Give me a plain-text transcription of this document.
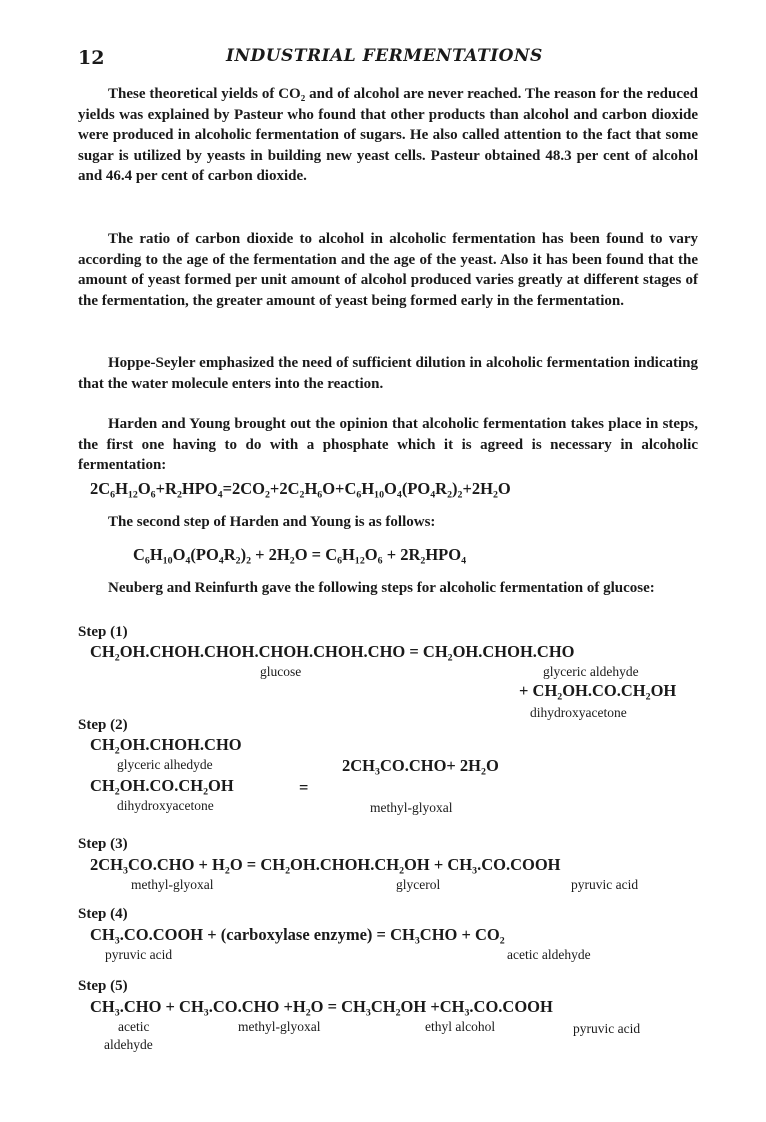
12	INDUSTRIAL FERMENTATIONS
These theoretical yields of CO₂ and of alcohol are never reached. The reason for the reduced yields was explained by Pasteur who found that other products than alcohol and carbon dioxide were produced in alcoholic fermentation of sugars. He also called attention to the fact that some sugar is utilized by yeasts in building new yeast cells. Pasteur obtained 48.3 per cent of alcohol and 46.4 per cent of carbon dioxide.
The ratio of carbon dioxide to alcohol in alcoholic fermentation has been found to vary according to the age of the fermentation and the age of the yeast. Also it has been found that the amount of yeast formed per unit amount of alcohol produced varies greatly at different stages of the fermentation, the greater amount of yeast being formed early in the fermentation.
Hoppe-Seyler emphasized the need of sufficient dilution in alcoholic fermentation indicating that the water molecule enters into the reaction.
Harden and Young brought out the opinion that alcoholic fermentation takes place in steps, the first one having to do with a phosphate which it is agreed is necessary in alcoholic fermentation:
2C₆H₁₂O₆+R₂HPO₄=2CO₂+2C₂H₆O+C₆H₁₀O₄(PO₄R₂)₂+2H₂O
The second step of Harden and Young is as follows:
C₆H₁₀O₄(PO₄R₂)₂ + 2H₂O = C₆H₁₂O₆ + 2R₂HPO₄
Neuberg and Reinfurth gave the following steps for alcoholic fermentation of glucose:
Step (1)
CH₂OH.CHOH.CHOH.CHOH.CHOH.CHO = CH₂OH.CHOH.CHO
glucose	glyceric aldehyde
+ CH₂OH.CO.CH₂OH
dihydroxyacetone
Step (2)
CH₂OH.CHOH.CHO
glyceric alhedyde	2CH₃CO.CHO+ 2H₂O
CH₂OH.CO.CH₂OH	=
dihydroxyacetone	methyl-glyoxal
Step (3)
2CH₃CO.CHO + H₂O = CH₂OH.CHOH.CH₂OH + CH₃.CO.COOH
methyl-glyoxal	glycerol	pyruvic acid
Step (4)
CH₃.CO.COOH + (carboxylase enzyme) = CH₃CHO + CO₂
pyruvic acid	acetic aldehyde
Step (5)
CH₃.CHO + CH₃.CO.CHO +H₂O = CH₃CH₂OH +CH₃.CO.COOH
acetic
aldehyde
methyl-glyoxal	ethyl alcohol	pyruvic acid
